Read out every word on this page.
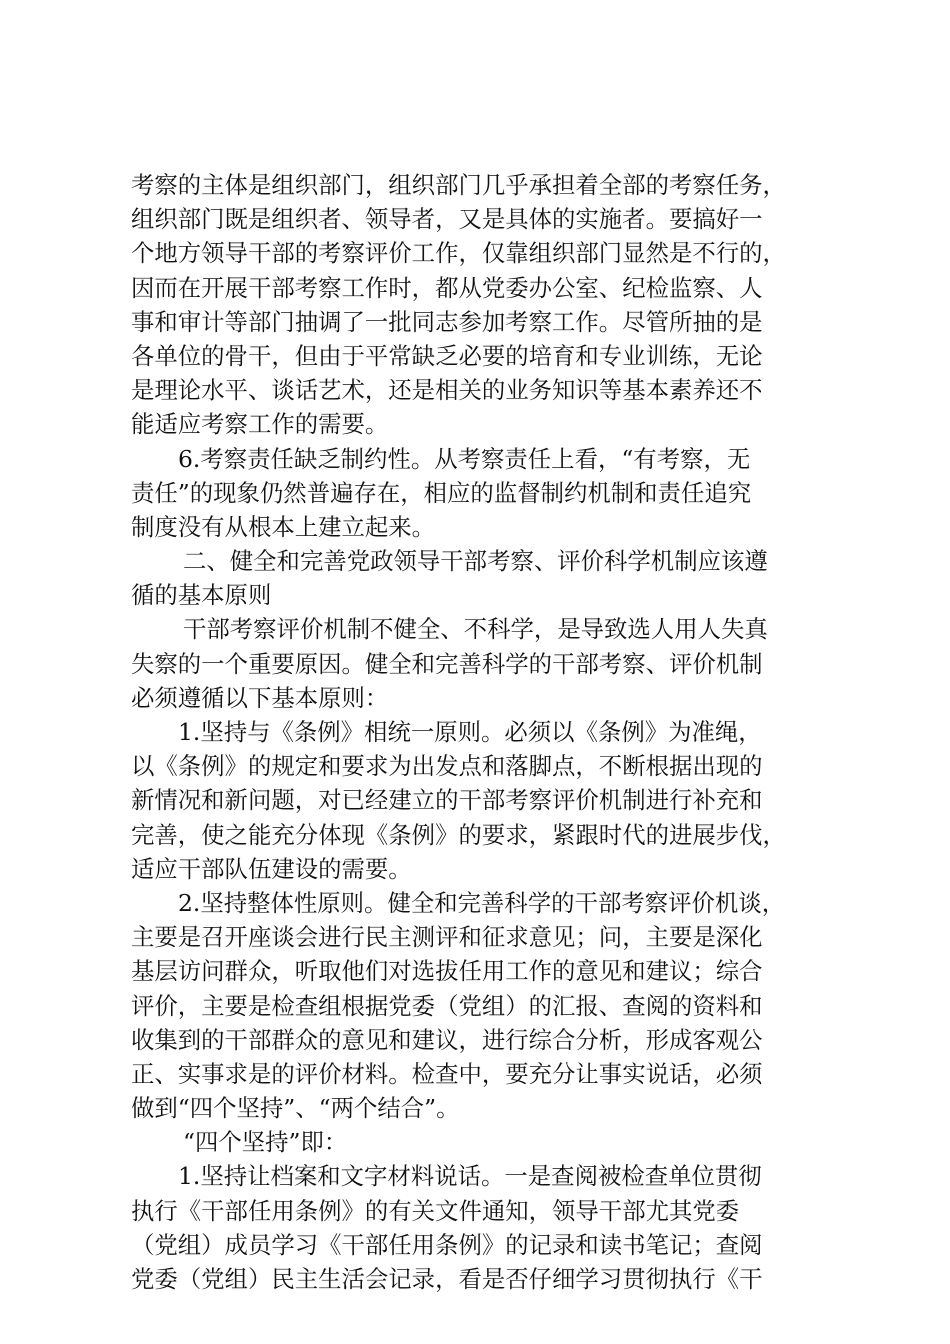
考察的主体是组织部门，组织部门几乎承担着全部的考察任务，
组织部门既是组织者、领导者，又是具体的实施者。要搞好一
个地方领导干部的考察评价工作，仅靠组织部门显然是不行的，
因而在开展干部考察工作时，都从党委办公室、纪检监察、人
事和审计等部门抽调了一批同志参加考察工作。尽管所抽的是
各单位的骨干，但由于平常缺乏必要的培育和专业训练，无论
是理论水平、谈话艺术，还是相关的业务知识等基本素养还不
能适应考察工作的需要。
6.考察责任缺乏制约性。从考察责任上看，“有考察，无
责任”的现象仍然普遍存在，相应的监督制约机制和责任追究
制度没有从根本上建立起来。
二、健全和完善党政领导干部考察、评价科学机制应该遵
循的基本原则
干部考察评价机制不健全、不科学，是导致选人用人失真
失察的一个重要原因。健全和完善科学的干部考察、评价机制
必须遵循以下基本原则：
1.坚持与《条例》相统一原则。必须以《条例》为准绳，
以《条例》的规定和要求为出发点和落脚点，不断根据出现的
新情况和新问题，对已经建立的干部考察评价机制进行补充和
完善，使之能充分体现《条例》的要求，紧跟时代的进展步伐，
适应干部队伍建设的需要。
2.坚持整体性原则。健全和完善科学的干部考察评价机谈，
主要是召开座谈会进行民主测评和征求意见；问，主要是深化
基层访问群众，听取他们对选拔任用工作的意见和建议；综合
评价，主要是检查组根据党委（党组）的汇报、查阅的资料和
收集到的干部群众的意见和建议，进行综合分析，形成客观公
正、实事求是的评价材料。检查中，要充分让事实说话，必须
做到“四个坚持”、“两个结合”。
“四个坚持”即：
1.坚持让档案和文字材料说话。一是查阅被检查单位贯彻
执行《干部任用条例》的有关文件通知，领导干部尤其党委
（党组）成员学习《干部任用条例》的记录和读书笔记；查阅
党委（党组）民主生活会记录，看是否仔细学习贯彻执行《干
